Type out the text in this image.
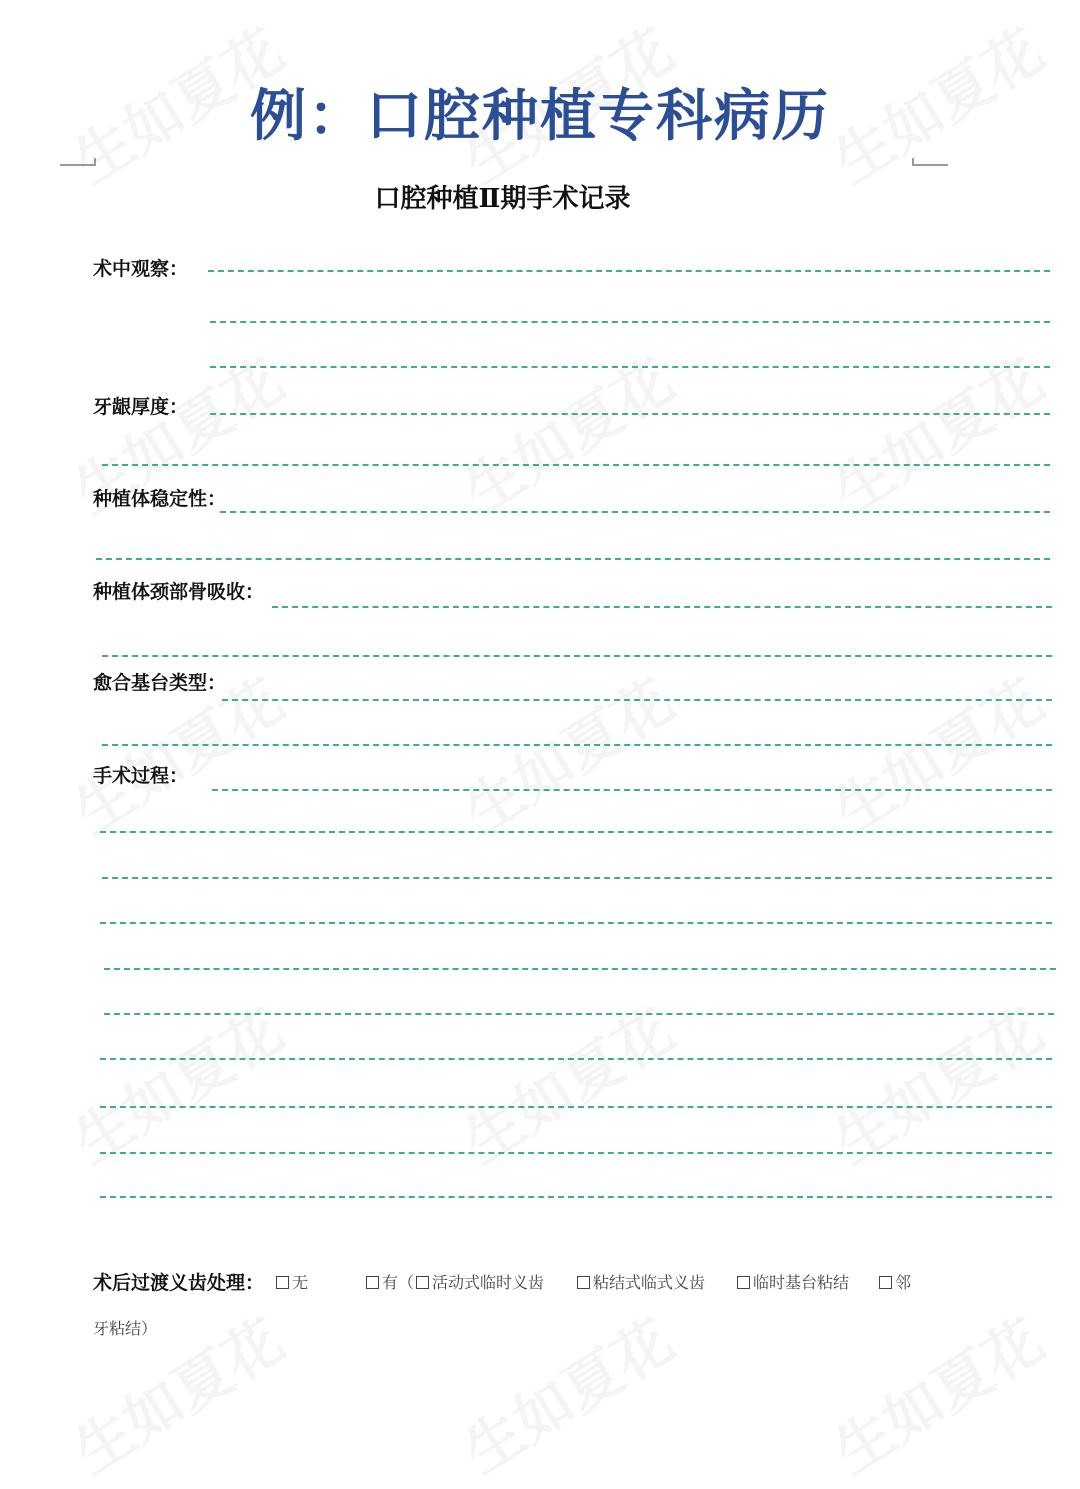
例：口腔种植专科病历
口腔种植Ⅱ期手术记录
术中观察：
牙龈厚度：
种植体稳定性：
种植体颈部骨吸收：
愈合基台类型：
手术过程：
术后过渡义齿处理：	无	有（	活动式临时义齿	粘结式临式义齿	临时基台粘结	邻
牙粘结）
